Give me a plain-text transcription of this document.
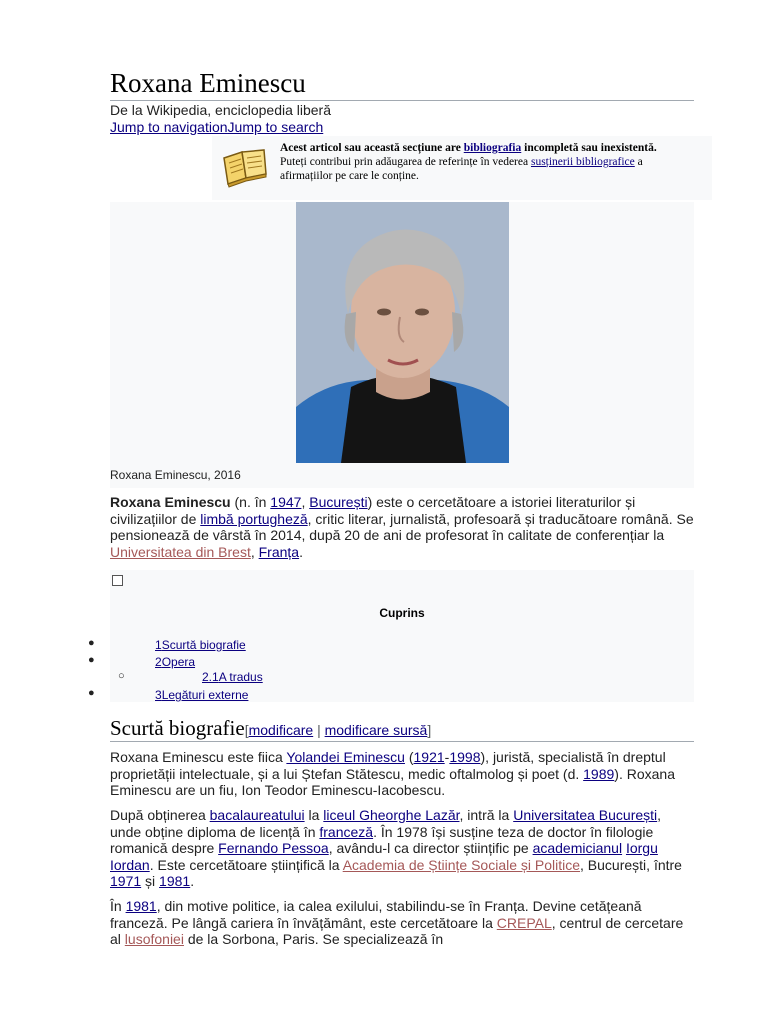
Roxana Eminescu
De la Wikipedia, enciclopedia liberă
Jump to navigationJump to search
Acest articol sau această secțiune are bibliografia incompletă sau inexistentă.
Puteți contribui prin adăugarea de referințe în vederea susținerii bibliografice a afirmațiilor pe care le conține.
Roxana Eminescu, 2016
Roxana Eminescu (n. în 1947, București) este o cercetătoare a istoriei literaturilor și civilizațiilor de limbă portugheză, critic literar, jurnalistă, profesoară și traducătoare română. Se pensionează de vârstă în 2014, după 20 de ani de profesorat în calitate de conferențiar la Universitatea din Brest, Franța.
Cuprins
●	1Scurtă biografie
●	2Opera
○	2.1A tradus
●	3Legături externe
Scurtă biografie[modificare | modificare sursă]
Roxana Eminescu este fiica Yolandei Eminescu (1921-1998), juristă, specialistă în dreptul proprietății intelectuale, și a lui Ștefan Stătescu, medic oftalmolog și poet (d. 1989). Roxana Eminescu are un fiu, Ion Teodor Eminescu-Iacobescu.
După obținerea bacalaureatului la liceul Gheorghe Lazăr, intră la Universitatea București, unde obține diploma de licență în franceză. În 1978 își susține teza de doctor în filologie romanică despre Fernando Pessoa, avându-l ca director științific pe academicianul Iorgu Iordan. Este cercetătoare științifică la Academia de Științe Sociale și Politice, București, între 1971 și 1981.
În 1981, din motive politice, ia calea exilului, stabilindu-se în Franța. Devine cetățeană franceză. Pe lângă cariera în învățământ, este cercetătoare la CREPAL, centrul de cercetare al lusofoniei de la Sorbona, Paris. Se specializează în
